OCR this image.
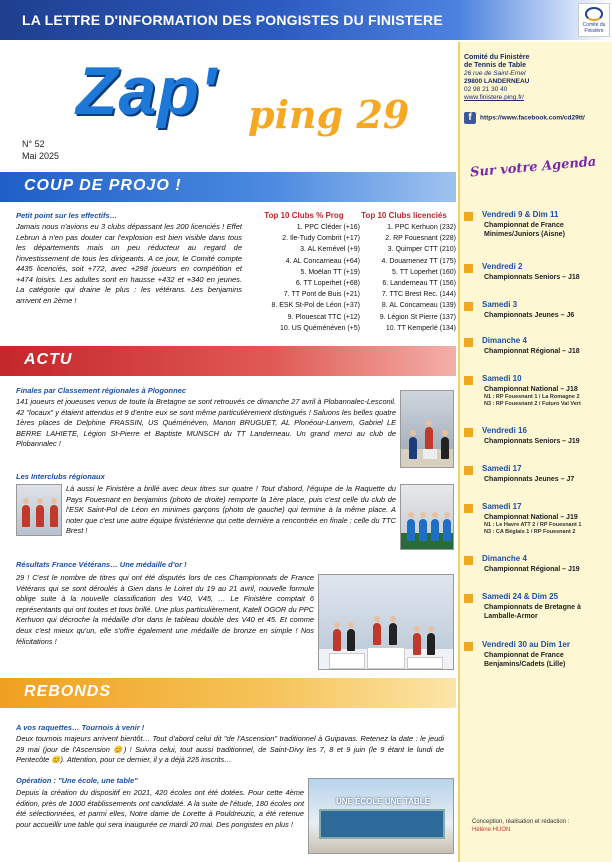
LA LETTRE D'INFORMATION DES PONGISTES DU FINISTERE	Comité du Finistère
Zap' ping 29
N° 52
Mai 2025
Comité du Finistère
de Tennis de Table
26 rue de Saint-Ernel
29800 LANDERNEAU
02 98 21 30 40
www.finistere.ping.fr/
f https://www.facebook.com/cd29tt/
Sur votre Agenda
Vendredi 9 & Dim 11
Championnat de France Minimes/Juniors (Aisne)
Vendredi 2
Championnats Seniors – J18
Samedi 3
Championnats Jeunes – J6
Dimanche 4
Championnat Régional – J18
Samedi 10
Championnat National – J18
N1 : RP Fouesnant 1 / La Romagne 2
N3 : RP Fouesnant 2 / Futuro Val Vert
Vendredi 16
Championnats Seniors – J19
Samedi 17
Championnats Jeunes – J7
Samedi 17
Championnat National – J19
N1 : Le Havre ATT 2 / RP Fouesnant 1
N3 : CA Béglais 1 / RP Fouesnant 2
Dimanche 4
Championnat Régional – J19
Samedi 24 & Dim 25
Championnats de Bretagne à Lamballe-Armor
Vendredi 30 au Dim 1er
Championnat de France Benjamins/Cadets (Lille)
Conception, réalisation et rédaction :
Hélène HUON
COUP DE PROJO !
Petit point sur les effectifs…
Jamais nous n'avions eu 3 clubs dépassant les 200 licenciés ! Effet Lebrun à n'en pas douter car l'explosion est bien visible dans tous les départements mais un peu réducteur au regard de l'investissement de tous les dirigeants. A ce jour, le Comité compte 4435 licenciés, soit +772, avec +298 joueurs en compétition et +474 loisirs. Les adultes sont en hausse +432 et +340 en jeunes. La catégorie qui draine le plus : les vétérans. Les benjamins arrivent en 2ème !
Top 10 Clubs % Prog
1. PPC Cléder (+16)
2. Ile-Tudy Combrit (+17)
3. AL Kernével (+9)
4. AL Concarneau (+64)
5. Moëlan TT (+19)
6. TT Loperhet (+68)
7. TT Pont de Buis (+21)
8. ESK St-Pol de Léon (+37)
9. Plouescat TTC (+12)
10. US Quéménéven (+5)
Top 10 Clubs licenciés
1. PPC Kerhuon (232)
2. RP Fouesnant (228)
3. Quimper CTT (210)
4. Douarnenez TT (175)
5. TT Loperhet (160)
6. Landerneau TT (156)
7. TTC Brest Rec. (144)
8. AL Concarneau (139)
9. Légion St Pierre (137)
10. TT Kemperlé (134)
ACTU
Finales par Classement régionales à Plogonnec
141 joueurs et joueuses venus de toute la Bretagne se sont retrouvés ce dimanche 27 avril à Plobannalec-Lesconil. 42 "locaux" y étaient attendus et 9 d'entre eux se sont même particulièrement distingués ! Saluons les belles quatre 1ères places de Delphine FRASSIN, US Quéménéven, Manon BRUGUET, AL Plonéour-Lanvern, Gabriel LE BERRE LAHIETE, Légion St-Pierre et Baptiste MUNSCH du TT Landerneau. Un grand merci au club de Plobannalec !
Les Interclubs régionaux
Là aussi le Finistère a brillé avec deux titres sur quatre ! Tout d'abord, l'équipe de la Raquette du Pays Fouesnant en benjamins (photo de droite) remporte la 1ère place, puis c'est celle du club de l'ESK Saint-Pol de Léon en minimes garçons (photo de gauche) qui termine à la même place. A noter que c'est une autre équipe finistérienne qui cette dernière a rencontrée en finale : celle du TTC Brest !
Résultats France Vétérans… Une médaille d'or !
29 ! C'est le nombre de titres qui ont été disputés lors de ces Championnats de France Vétérans qui se sont déroulés à Gien dans le Loiret du 19 au 21 avril, nouvelle formule oblige suite à la nouvelle classification des V40, V45, … Le Finistère comptait 6 représentants qui ont toutes et tous brillé. Une plus particulièrement, Katell OGOR du PPC Kerhuon qui décroche la médaille d'or dans le tableau double des V40 et 45. Et comme deux c'est mieux qu'un, elle s'offre également une médaille de bronze en simple ! Nos félicitations !
REBONDS
A vos raquettes… Tournois à venir !
Deux tournois majeurs arrivent bientôt… Tout d'abord celui dit "de l'Ascension" traditionnel à Guipavas. Retenez la date : le jeudi 29 mai (jour de l'Ascension 😊) ! Suivra celui, tout aussi traditionnel, de Saint-Divy les 7, 8 et 9 juin (le 9 étant le lundi de Pentecôte 😊). Attention, pour ce dernier, il y a déjà 225 inscrits…
Opération : "Une école, une table"
Depuis la création du dispositif en 2021, 420 écoles ont été dotées. Pour cette 4ème édition, près de 1000 établissements ont candidaté. A la suite de l'étude, 180 écoles ont été sélectionnées, et parmi elles, Notre dame de Lorette à Pouldreuzic, a été retenue pour accueillir une table qui sera inaugurée ce mardi 20 mai. Des pongistes en plus !
UNE ÉCOLE UNE TABLE
